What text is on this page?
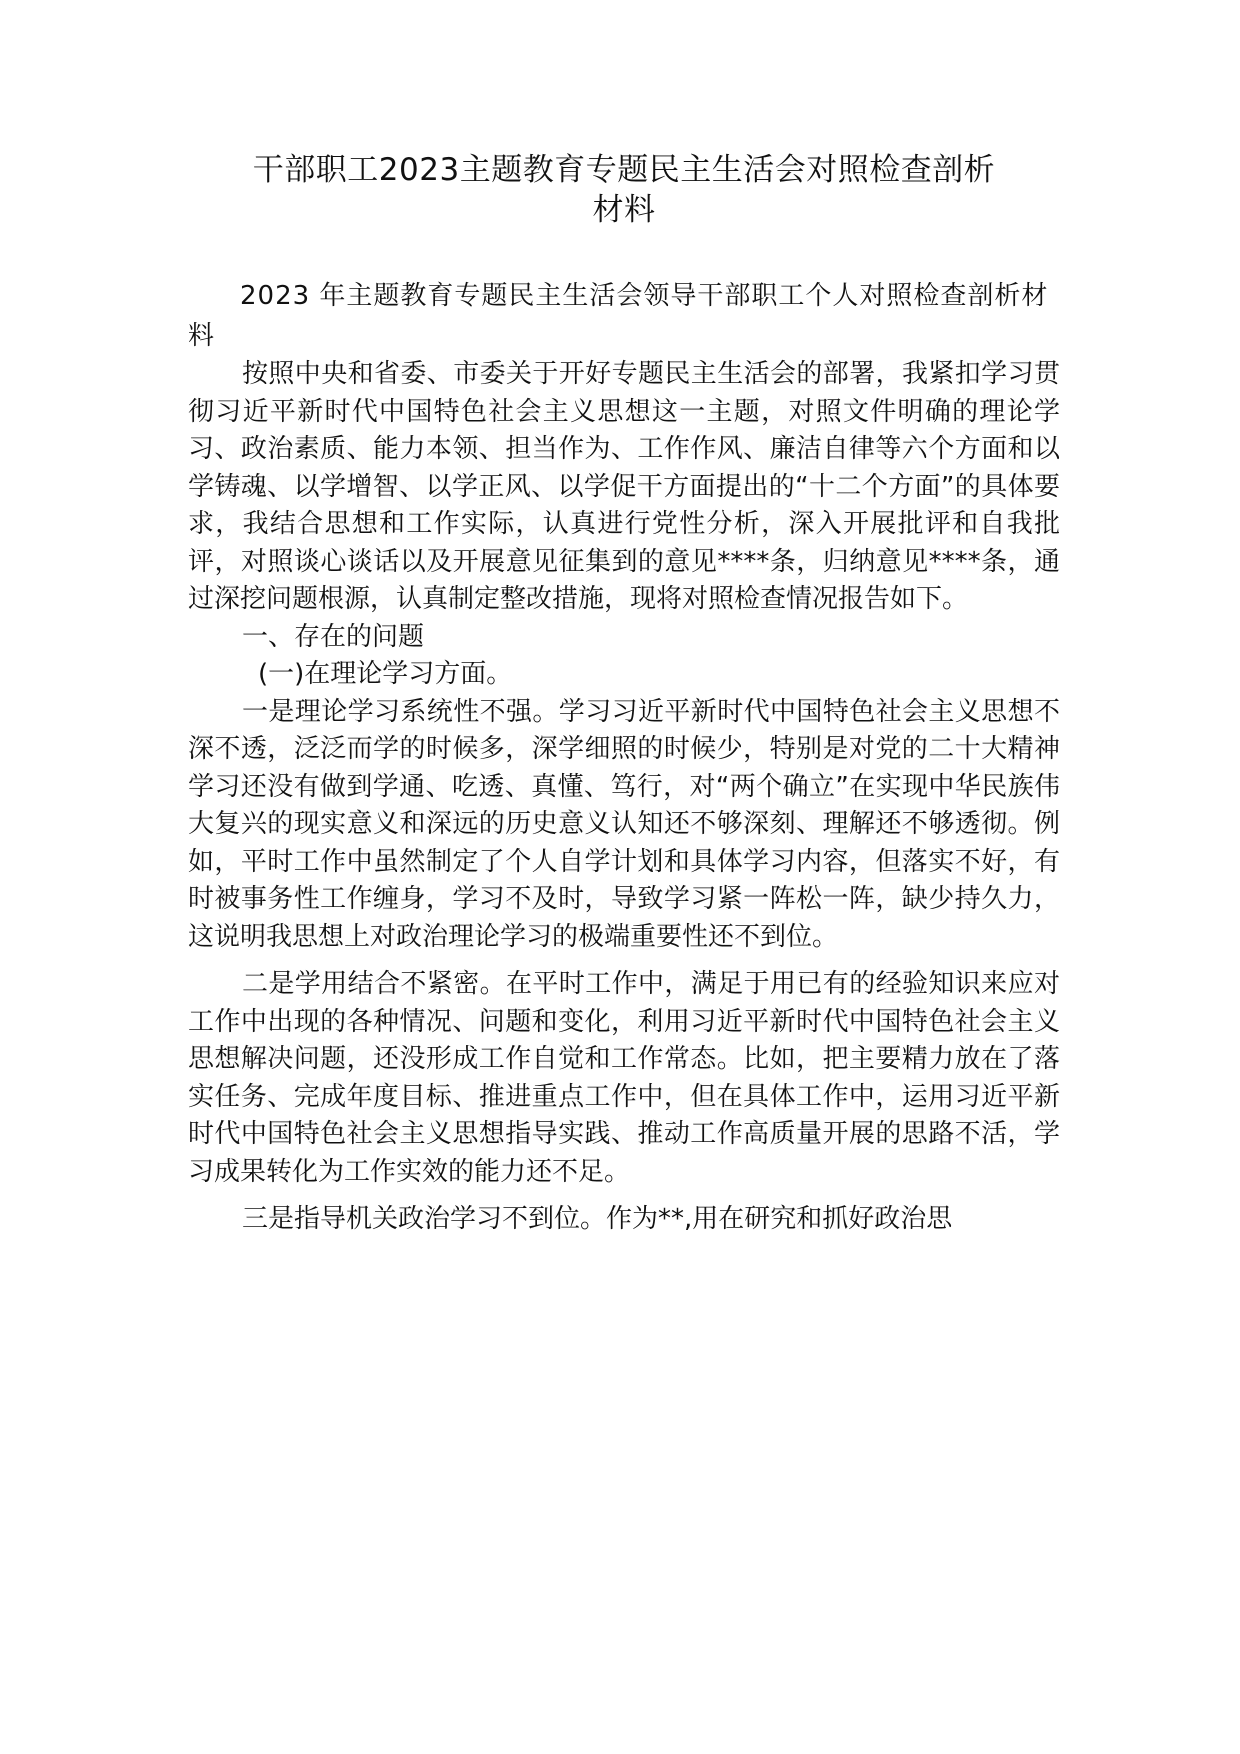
干部职工2023主题教育专题民主生活会对照检查剖析
材料

2023 年主题教育专题民主生活会领导干部职工个人对照检查剖析材料

按照中央和省委、市委关于开好专题民主生活会的部署，我紧扣学习贯彻习近平新时代中国特色社会主义思想这一主题，对照文件明确的理论学习、政治素质、能力本领、担当作为、工作作风、廉洁自律等六个方面和以学铸魂、以学增智、以学正风、以学促干方面提出的“十二个方面”的具体要求，我结合思想和工作实际，认真进行党性分析，深入开展批评和自我批评，对照谈心谈话以及开展意见征集到的意见****条，归纳意见****条，通过深挖问题根源，认真制定整改措施，现将对照检查情况报告如下。

一、存在的问题

(一)在理论学习方面。

一是理论学习系统性不强。学习习近平新时代中国特色社会主义思想不深不透，泛泛而学的时候多，深学细照的时候少，特别是对党的二十大精神学习还没有做到学通、吃透、真懂、笃行，对“两个确立”在实现中华民族伟大复兴的现实意义和深远的历史意义认知还不够深刻、理解还不够透彻。例如，平时工作中虽然制定了个人自学计划和具体学习内容，但落实不好，有时被事务性工作缠身，学习不及时，导致学习紧一阵松一阵，缺少持久力，这说明我思想上对政治理论学习的极端重要性还不到位。

二是学用结合不紧密。在平时工作中，满足于用已有的经验知识来应对工作中出现的各种情况、问题和变化，利用习近平新时代中国特色社会主义思想解决问题，还没形成工作自觉和工作常态。比如，把主要精力放在了落实任务、完成年度目标、推进重点工作中，但在具体工作中，运用习近平新时代中国特色社会主义思想指导实践、推动工作高质量开展的思路不活，学习成果转化为工作实效的能力还不足。

三是指导机关政治学习不到位。作为**,用在研究和抓好政治思
